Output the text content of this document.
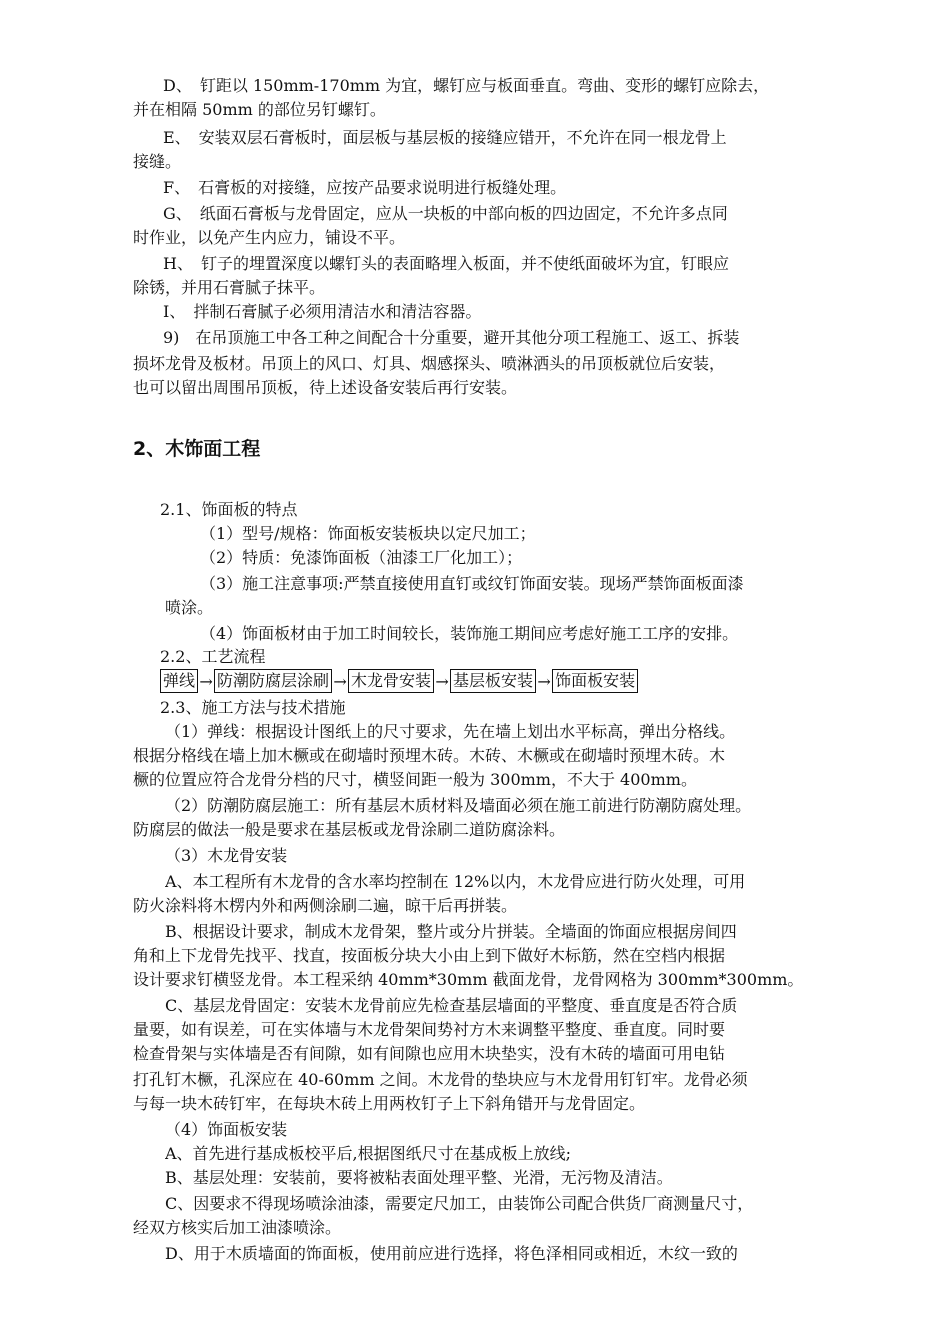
D、　钉距以 150mm-170mm 为宜，螺钉应与板面垂直。弯曲、变形的螺钉应除去，
并在相隔 50mm 的部位另钉螺钉。
E、　安装双层石膏板时，面层板与基层板的接缝应错开，不允许在同一根龙骨上
接缝。
F、　石膏板的对接缝，应按产品要求说明进行板缝处理。
G、　纸面石膏板与龙骨固定，应从一块板的中部向板的四边固定，不允许多点同
时作业，以免产生内应力，铺设不平。
H、　钉子的埋置深度以螺钉头的表面略埋入板面，并不使纸面破坏为宜，钉眼应
除锈，并用石膏腻子抹平。
I、　拌制石膏腻子必须用清洁水和清洁容器。
9)　在吊顶施工中各工种之间配合十分重要，避开其他分项工程施工、返工、拆装
损坏龙骨及板材。吊顶上的风口、灯具、烟感探头、喷淋洒头的吊顶板就位后安装，
也可以留出周围吊顶板，待上述设备安装后再行安装。
2、木饰面工程
2.1、饰面板的特点
（1）型号/规格：饰面板安装板块以定尺加工；
（2）特质：免漆饰面板（油漆工厂化加工）；
（3）施工注意事项:严禁直接使用直钉或纹钉饰面安装。现场严禁饰面板面漆
喷涂。
（4）饰面板材由于加工时间较长，装饰施工期间应考虑好施工工序的安排。
2.2、工艺流程
弹线 → 防潮防腐层涂刷 → 木龙骨安装 → 基层板安装 → 饰面板安装
2.3、施工方法与技术措施
（1）弹线：根据设计图纸上的尺寸要求，先在墙上划出水平标高，弹出分格线。
根据分格线在墙上加木橛或在砌墙时预埋木砖。木砖、木橛或在砌墙时预埋木砖。木
橛的位置应符合龙骨分档的尺寸，横竖间距一般为 300mm，不大于 400mm。
（2）防潮防腐层施工：所有基层木质材料及墙面必须在施工前进行防潮防腐处理。
防腐层的做法一般是要求在基层板或龙骨涂刷二道防腐涂料。
（3）木龙骨安装
A、本工程所有木龙骨的含水率均控制在 12%以内，木龙骨应进行防火处理，可用
防火涂料将木楞内外和两侧涂刷二遍，晾干后再拼装。
B、根据设计要求，制成木龙骨架，整片或分片拼装。全墙面的饰面应根据房间四
角和上下龙骨先找平、找直，按面板分块大小由上到下做好木标筋，然在空档内根据
设计要求钉横竖龙骨。本工程采纳 40mm*30mm 截面龙骨，龙骨网格为 300mm*300mm。
C、基层龙骨固定：安装木龙骨前应先检查基层墙面的平整度、垂直度是否符合质
量要，如有误差，可在实体墙与木龙骨架间势衬方木来调整平整度、垂直度。同时要
检查骨架与实体墙是否有间隙，如有间隙也应用木块垫实，没有木砖的墙面可用电钻
打孔钉木橛，孔深应在 40-60mm 之间。木龙骨的垫块应与木龙骨用钉钉牢。龙骨必须
与每一块木砖钉牢，在每块木砖上用两枚钉子上下斜角错开与龙骨固定。
（4）饰面板安装
A、首先进行基成板校平后,根据图纸尺寸在基成板上放线;
B、基层处理：安装前，要将被粘表面处理平整、光滑，无污物及清洁。
C、因要求不得现场喷涂油漆，需要定尺加工，由装饰公司配合供货厂商测量尺寸，
经双方核实后加工油漆喷涂。
D、用于木质墙面的饰面板，使用前应进行选择，将色泽相同或相近，木纹一致的
